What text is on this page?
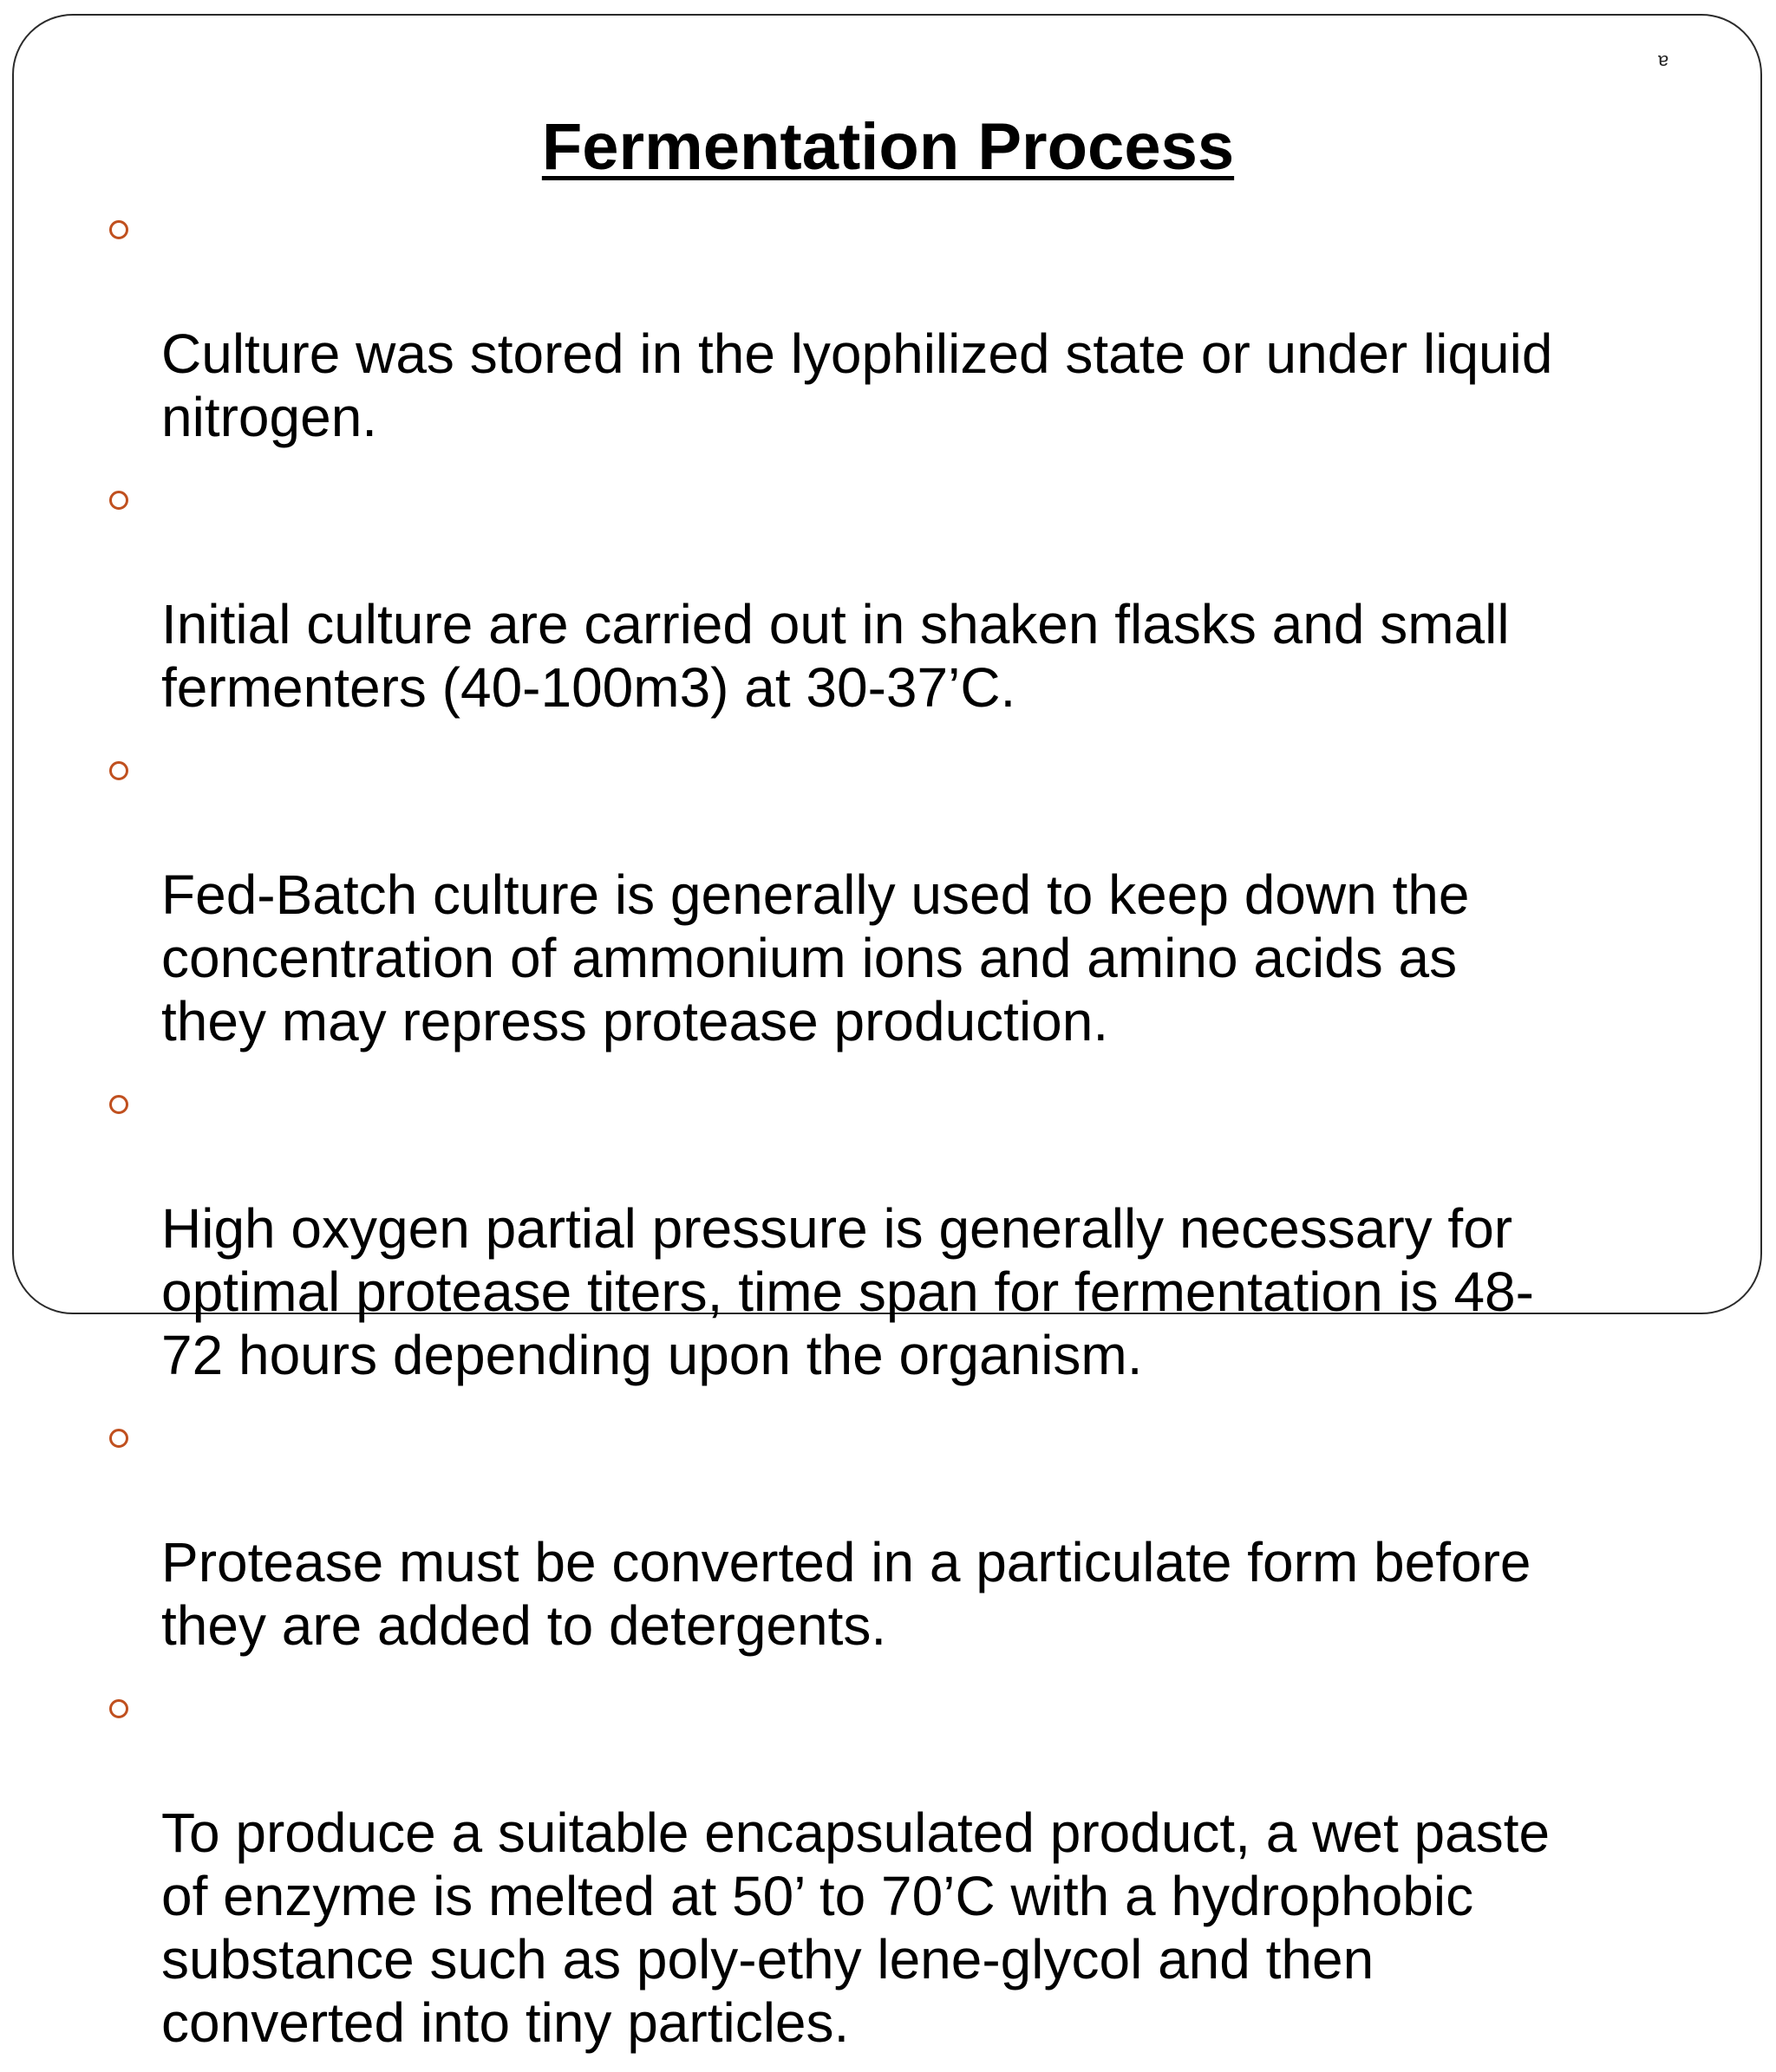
a
Fermentation Process

Culture was stored in the lyophilized state or under liquid
nitrogen.

Initial culture are carried out in shaken flasks and small
fermenters (40-100m3) at 30-37’C.

Fed-Batch culture is generally used to keep down the
concentration of ammonium ions and amino acids as
they may repress protease production.

High oxygen partial pressure is generally necessary for
optimal protease titers, time span for fermentation is 48-
72 hours depending upon the organism.

Protease must be converted in a particulate form before
they are added to detergents.

To produce a suitable encapsulated product, a wet paste
of enzyme is melted at 50’ to 70’C with a hydrophobic
substance such as poly-ethy lene-glycol and then
converted into tiny particles.
